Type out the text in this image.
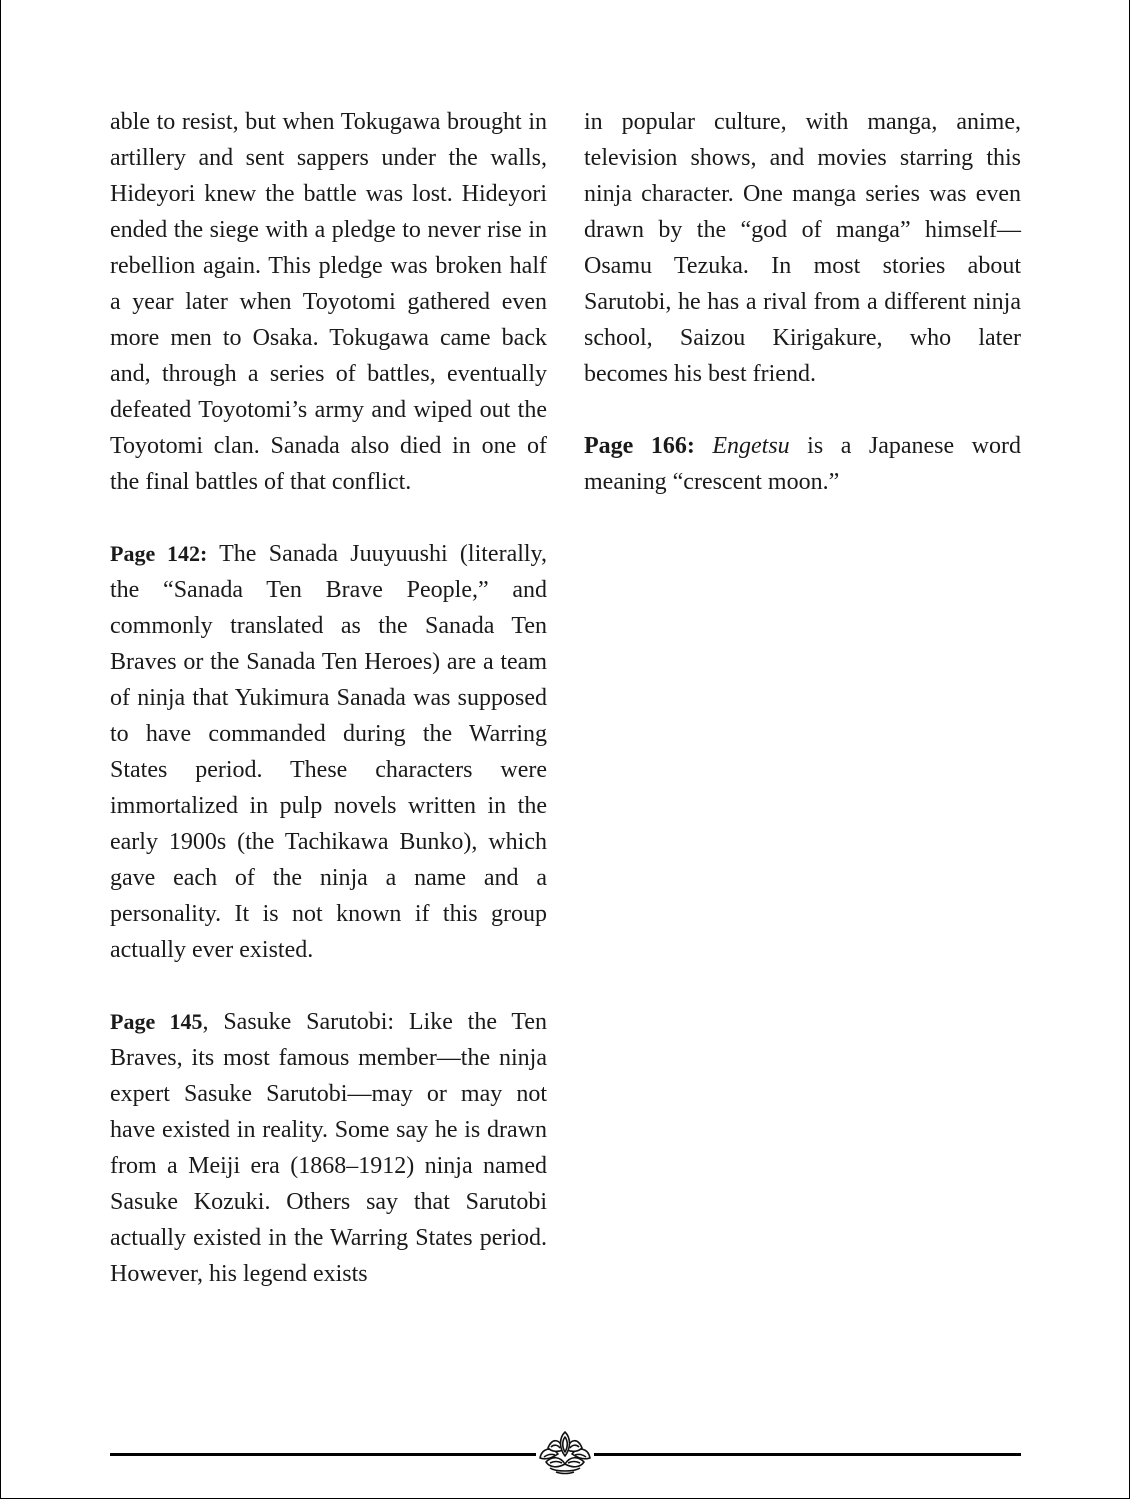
able to resist, but when Tokugawa brought in artillery and sent sappers under the walls, Hideyori knew the battle was lost. Hideyori ended the siege with a pledge to never rise in rebellion again. This pledge was broken half a year later when Toyotomi gathered even more men to Osaka. Tokugawa came back and, through a series of battles, eventually defeated Toyotomi’s army and wiped out the Toyotomi clan. Sanada also died in one of the final battles of that conflict.

Page 142: The Sanada Juuyuushi (literally, the “Sanada Ten Brave People,” and commonly translated as the Sanada Ten Braves or the Sanada Ten Heroes) are a team of ninja that Yukimura Sanada was supposed to have commanded during the Warring States period. These characters were immortalized in pulp novels written in the early 1900s (the Tachikawa Bunko), which gave each of the ninja a name and a personality. It is not known if this group actually ever existed.

Page 145, Sasuke Sarutobi: Like the Ten Braves, its most famous member—the ninja expert Sasuke Sarutobi—may or may not have existed in reality. Some say he is drawn from a Meiji era (1868–1912) ninja named Sasuke Kozuki. Others say that Sarutobi actually existed in the Warring States period. However, his legend exists

in popular culture, with manga, anime, television shows, and movies starring this ninja character. One manga series was even drawn by the “god of manga” himself—Osamu Tezuka. In most stories about Sarutobi, he has a rival from a different ninja school, Saizou Kirigakure, who later becomes his best friend.

Page 166: Engetsu is a Japanese word meaning “crescent moon.”
